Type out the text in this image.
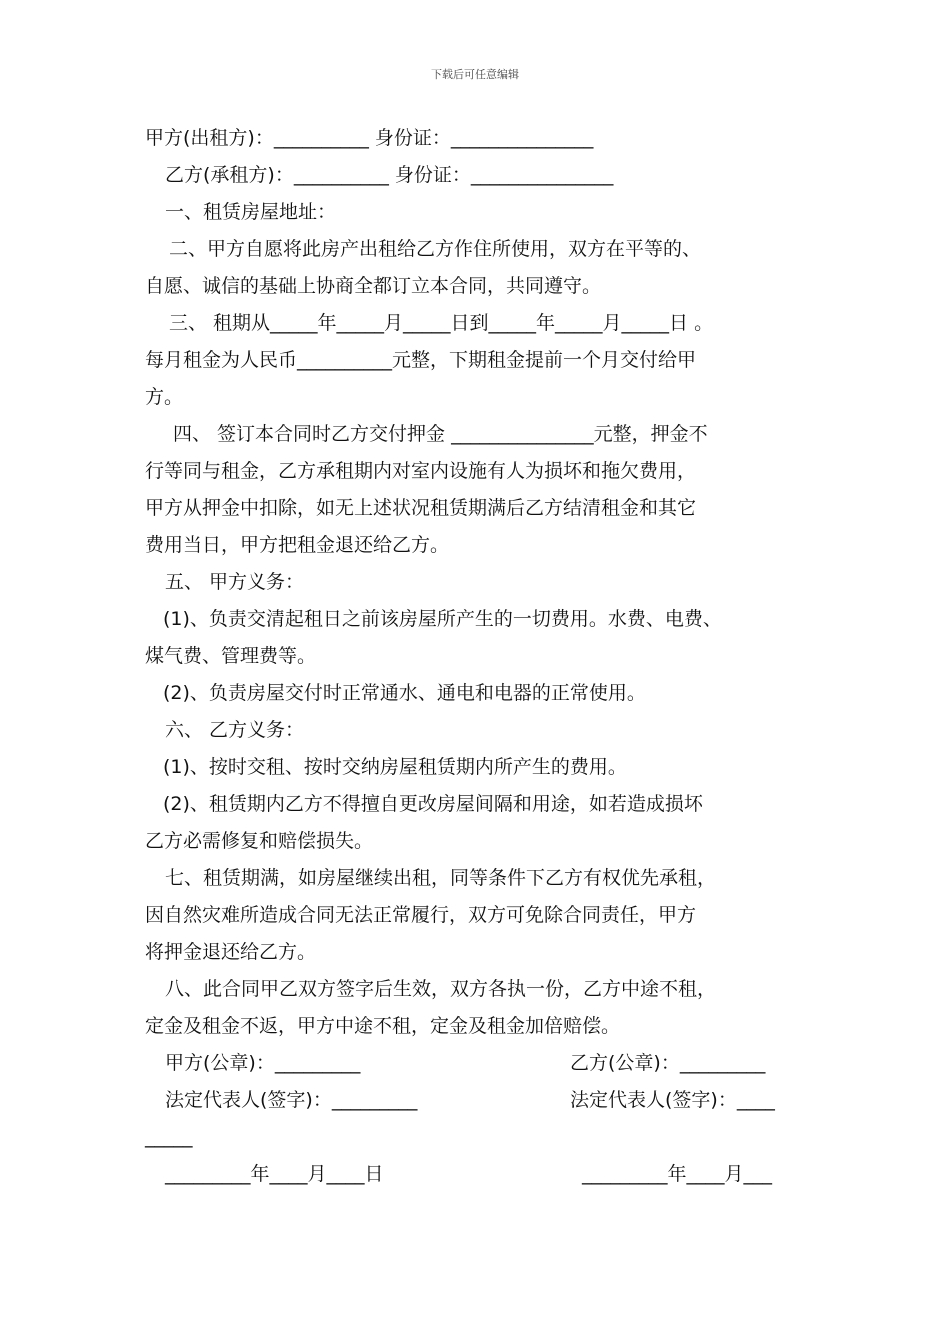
下载后可任意编辑
甲方(出租方)：__________ 身份证：_______________
乙方(承租方)：__________ 身份证：_______________
一、租赁房屋地址：
二、甲方自愿将此房产出租给乙方作住所使用，双方在平等的、
自愿、诚信的基础上协商全都订立本合同，共同遵守。
三、 租期从_____年_____月_____日到_____年_____月_____日 。
每月租金为人民币__________元整，下期租金提前一个月交付给甲
方。
四、 签订本合同时乙方交付押金 _______________元整，押金不
行等同与租金，乙方承租期内对室内设施有人为损坏和拖欠费用，
甲方从押金中扣除，如无上述状况租赁期满后乙方结清租金和其它
费用当日，甲方把租金退还给乙方。
五、 甲方义务：
(1)、负责交清起租日之前该房屋所产生的一切费用。水费、电费、
煤气费、管理费等。
(2)、负责房屋交付时正常通水、通电和电器的正常使用。
六、 乙方义务：
(1)、按时交租、按时交纳房屋租赁期内所产生的费用。
(2)、租赁期内乙方不得擅自更改房屋间隔和用途，如若造成损坏
乙方必需修复和赔偿损失。
七、租赁期满，如房屋继续出租，同等条件下乙方有权优先承租，
因自然灾难所造成合同无法正常履行，双方可免除合同责任，甲方
将押金退还给乙方。
八、此合同甲乙双方签字后生效，双方各执一份，乙方中途不租，
定金及租金不返，甲方中途不租，定金及租金加倍赔偿。
甲方(公章)：_________	乙方(公章)：_________
法定代表人(签字)：_________	法定代表人(签字)：____
_____
_________年____月____日	_________年____月___
